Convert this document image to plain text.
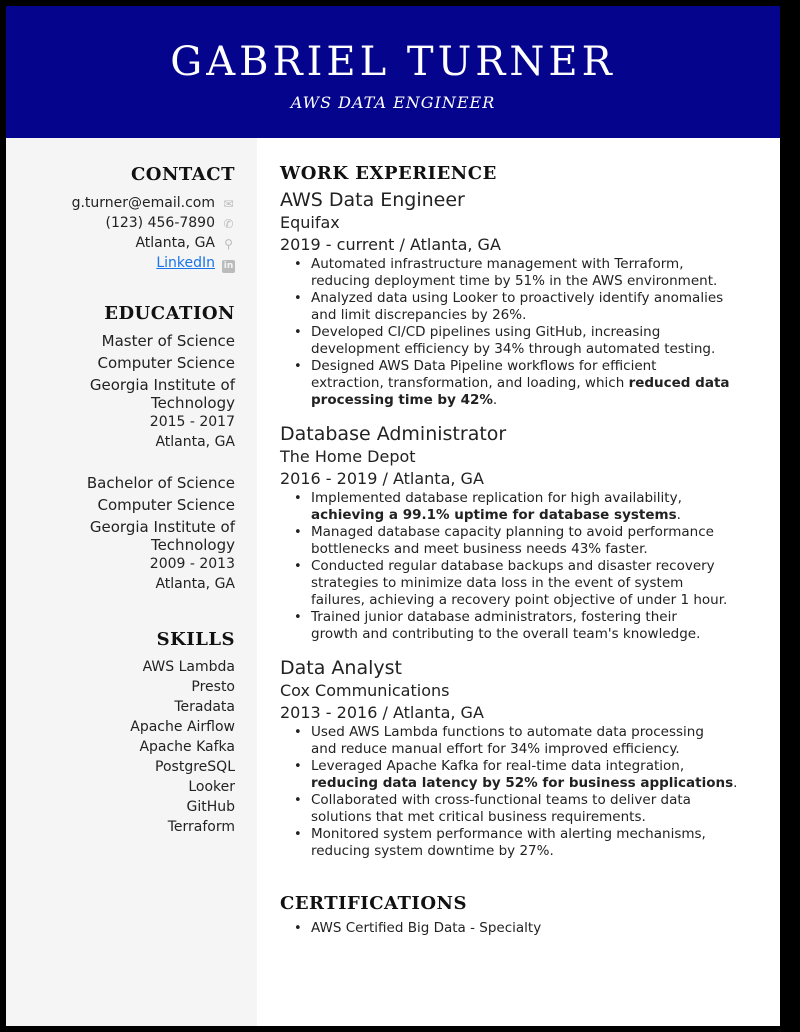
GABRIEL TURNER
AWS DATA ENGINEER
CONTACT
g.turner@email.com ✉
(123) 456-7890 ✆
Atlanta, GA ⚲
LinkedIn in
EDUCATION
Master of Science
Computer Science
Georgia Institute of
Technology
2015 - 2017
Atlanta, GA
Bachelor of Science
Computer Science
Georgia Institute of
Technology
2009 - 2013
Atlanta, GA
SKILLS
AWS Lambda
Presto
Teradata
Apache Airflow
Apache Kafka
PostgreSQL
Looker
GitHub
Terraform
WORK EXPERIENCE
AWS Data Engineer
Equifax
2019 - current / Atlanta, GA
• Automated infrastructure management with Terraform,
reducing deployment time by 51% in the AWS environment.
• Analyzed data using Looker to proactively identify anomalies
and limit discrepancies by 26%.
• Developed CI/CD pipelines using GitHub, increasing
development efficiency by 34% through automated testing.
• Designed AWS Data Pipeline workflows for efficient
extraction, transformation, and loading, which reduced data
processing time by 42%.
Database Administrator
The Home Depot
2016 - 2019 / Atlanta, GA
• Implemented database replication for high availability,
achieving a 99.1% uptime for database systems.
• Managed database capacity planning to avoid performance
bottlenecks and meet business needs 43% faster.
• Conducted regular database backups and disaster recovery
strategies to minimize data loss in the event of system
failures, achieving a recovery point objective of under 1 hour.
• Trained junior database administrators, fostering their
growth and contributing to the overall team's knowledge.
Data Analyst
Cox Communications
2013 - 2016 / Atlanta, GA
• Used AWS Lambda functions to automate data processing
and reduce manual effort for 34% improved efficiency.
• Leveraged Apache Kafka for real-time data integration,
reducing data latency by 52% for business applications.
• Collaborated with cross-functional teams to deliver data
solutions that met critical business requirements.
• Monitored system performance with alerting mechanisms,
reducing system downtime by 27%.
CERTIFICATIONS
• AWS Certified Big Data - Specialty
